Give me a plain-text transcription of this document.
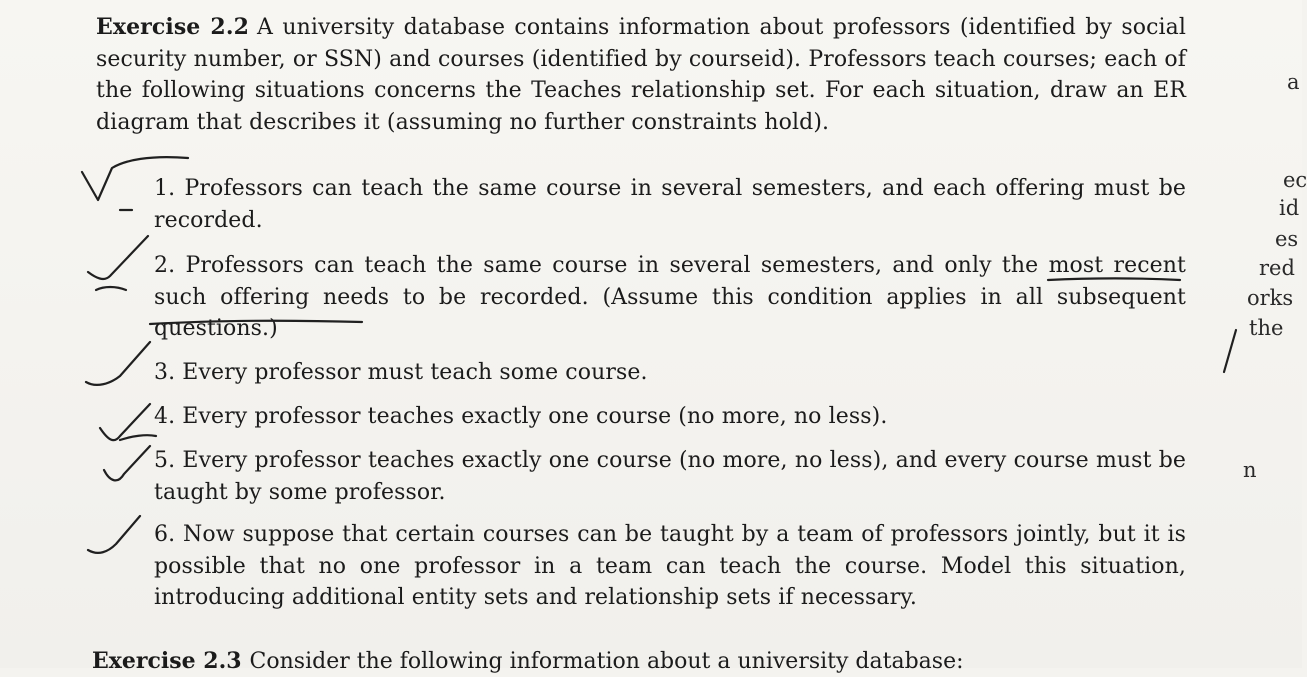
Exercise 2.2 A university database contains information about professors (identified by social security number, or SSN) and courses (identified by courseid). Professors teach courses; each of the following situations concerns the Teaches relationship set. For each situation, draw an ER diagram that describes it (assuming no further constraints hold).
1. Professors can teach the same course in several semesters, and each offering must be recorded.
2. Professors can teach the same course in several semesters, and only the most recent such offering needs to be recorded. (Assume this condition applies in all subsequent questions.)
3. Every professor must teach some course.
4. Every professor teaches exactly one course (no more, no less).
5. Every professor teaches exactly one course (no more, no less), and every course must be taught by some professor.
6. Now suppose that certain courses can be taught by a team of professors jointly, but it is possible that no one professor in a team can teach the course. Model this situation, introducing additional entity sets and relationship sets if necessary.
Exercise 2.3 Consider the following information about a university database:
a
ec
id
es
red
orks
the
n
